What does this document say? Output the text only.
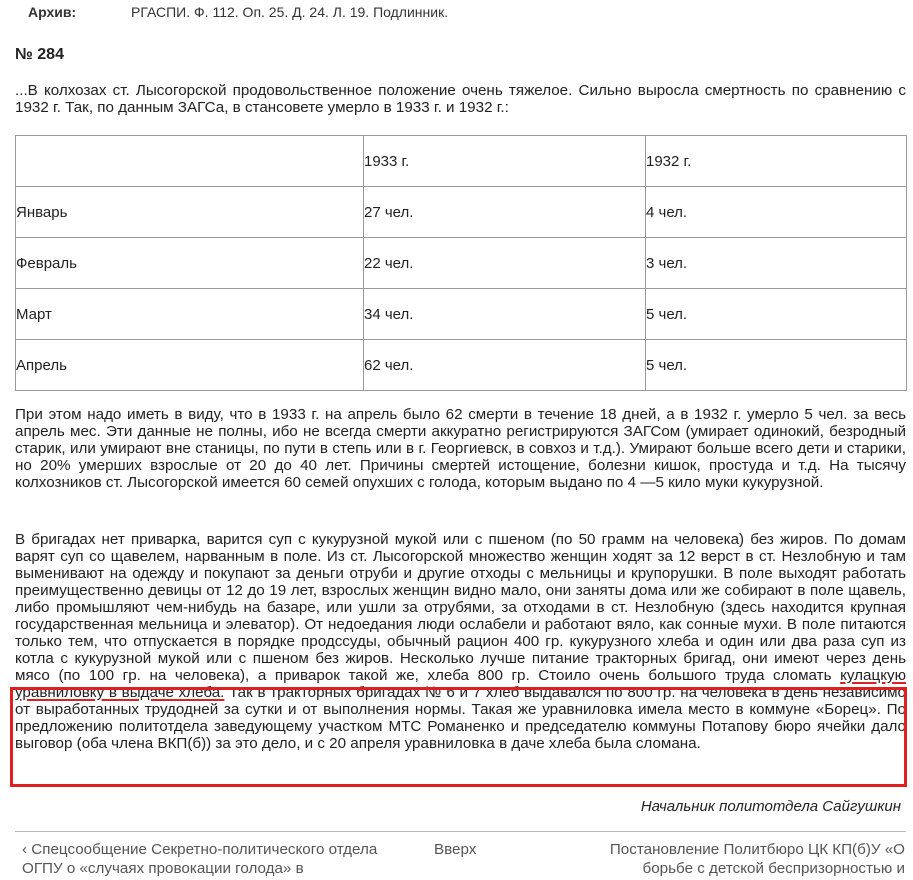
Архив:	РГАСПИ. Ф. 112. Оп. 25. Д. 24. Л. 19. Подлинник.
№ 284

...В колхозах ст. Лысогорской продовольственное положение очень тяжелое. Сильно выросла смертность по сравнению с 1932 г. Так, по данным ЗАГСа, в стансовете умерло в 1933 г. и 1932 г.:

	1933 г.	1932 г.
Январь	27 чел.	4 чел.
Февраль	22 чел.	3 чел.
Март	34 чел.	5 чел.
Апрель	62 чел.	5 чел.

При этом надо иметь в виду, что в 1933 г. на апрель было 62 смерти в течение 18 дней, а в 1932 г. умерло 5 чел. за весь апрель мес. Эти данные не полны, ибо не всегда смерти аккуратно регистрируются ЗАГСом (умирает одинокий, безродный старик, или умирают вне станицы, по пути в степь или в г. Георгиевск, в совхоз и т.д.). Умирают больше всего дети и старики, но 20% умерших взрослые от 20 до 40 лет. Причины смертей истощение, болезни кишок, простуда и т.д. На тысячу колхозников ст. Лысогорской имеется 60 семей опухших с голода, которым выдано по 4 —5 кило муки кукурузной.

В бригадах нет приварка, варится суп с кукурузной мукой или с пшеном (по 50 грамм на человека) без жиров. По домам варят суп со щавелем, нарванным в поле. Из ст. Лысогорской множество женщин ходят за 12 верст в ст. Незлобную и там выменивают на одежду и покупают за деньги отруби и другие отходы с мельницы и крупорушки. В поле выходят работать преимущественно девицы от 12 до 19 лет, взрослых женщин видно мало, они заняты дома или же собирают в поле щавель, либо промышляют чем-нибудь на базаре, или ушли за отрубями, за отходами в ст. Незлобную (здесь находится крупная государственная мельница и элеватор). От недоедания люди ослабели и работают вяло, как сонные мухи. В поле питаются только тем, что отпускается в порядке продссуды, обычный рацион 400 гр. кукурузного хлеба и один или два раза суп из котла с кукурузной мукой или с пшеном без жиров. Несколько лучше питание тракторных бригад, они имеют через день мясо (по 100 гр. на человека), а приварок такой же, хлеба 800 гр. Стоило очень большого труда сломать кулацкую уравниловку в выдаче хлеба. Так в тракторных бригадах № 6 и 7 хлеб выдавался по 800 гр. на человека в день независимо от выработанных трудодней за сутки и от выполнения нормы. Такая же уравниловка имела место в коммуне «Борец». По предложению политотдела заведующему участком МТС Романенко и председателю коммуны Потапову бюро ячейки дало выговор (оба члена ВКП(б)) за это дело, и с 20 апреля уравниловка в даче хлеба была сломана.

Начальник политотдела Сайгушкин
‹ Спецсообщение Секретно-политического отдела ОГПУ о «случаях провокации голода» в
Вверх	Постановление Политбюро ЦК КП(б)У «О борьбе с детской беспризорностью и
